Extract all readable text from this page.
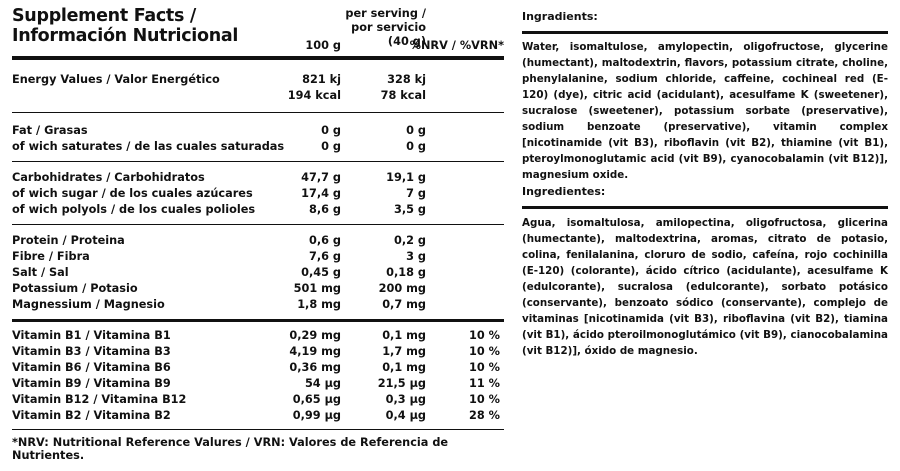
Supplement Facts /
Información Nutricional	100 g
per serving /
por servicio
(40 g)
%NRV / %VRN*
Energy Values / Valor Energético	821 kj	328 kj
194 kcal	78 kcal
Fat / Grasas	0 g	0 g
of wich saturates / de las cuales saturadas	0 g	0 g
Carbohidrates / Carbohidratos	47,7 g	19,1 g
of wich sugar / de los cuales azúcares	17,4 g	7 g
of wich polyols / de los cuales polioles	8,6 g	3,5 g
Protein / Proteina	0,6 g	0,2 g
Fibre / Fibra	7,6 g	3 g
Salt / Sal	0,45 g	0,18 g
Potassium / Potasio	501 mg	200 mg
Magnessium / Magnesio	1,8 mg	0,7 mg
Vitamin B1 / Vitamina B1	0,29 mg	0,1 mg	10 %
Vitamin B3 / Vitamina B3	4,19 mg	1,7 mg	10 %
Vitamin B6 / Vitamina B6	0,36 mg	0,1 mg	10 %
Vitamin B9 / Vitamina B9	54 µg	21,5 µg	11 %
Vitamin B12 / Vitamina B12	0,65 µg	0,3 µg	10 %
Vitamin B2 / Vitamina B2	0,99 µg	0,4 µg	28 %
*NRV: Nutritional Reference Valures / VRN: Valores de Referencia de Nutrientes.
Ingradients:
Water, isomaltulose, amylopectin, oligofructose, glycerine (humectant), maltodextrin, flavors, potassium citrate, choline, phenylalanine, sodium chloride, caffeine, cochineal red (E-120) (dye), citric acid (acidulant), acesulfame K (sweetener), sucralose (sweetener), potassium sorbate (preservative), sodium benzoate (preservative), vitamin complex [nicotinamide (vit B3), riboflavin (vit B2), thiamine (vit B1), pteroylmonoglutamic acid (vit B9), cyanocobalamin (vit B12)], magnesium oxide.
Ingredientes:
Agua, isomaltulosa, amilopectina, oligofructosa, glicerina (humectante), maltodextrina, aromas, citrato de potasio, colina, fenilalanina, cloruro de sodio, cafeína, rojo cochinilla (E-120) (colorante), ácido cítrico (acidulante), acesulfame K (edulcorante), sucralosa (edulcorante), sorbato potásico (conservante), benzoato sódico (conservante), complejo de vitaminas [nicotinamida (vit B3), riboflavina (vit B2), tiamina (vit B1), ácido pteroilmonoglutámico (vit B9), cianocobalamina (vit B12)], óxido de magnesio.
